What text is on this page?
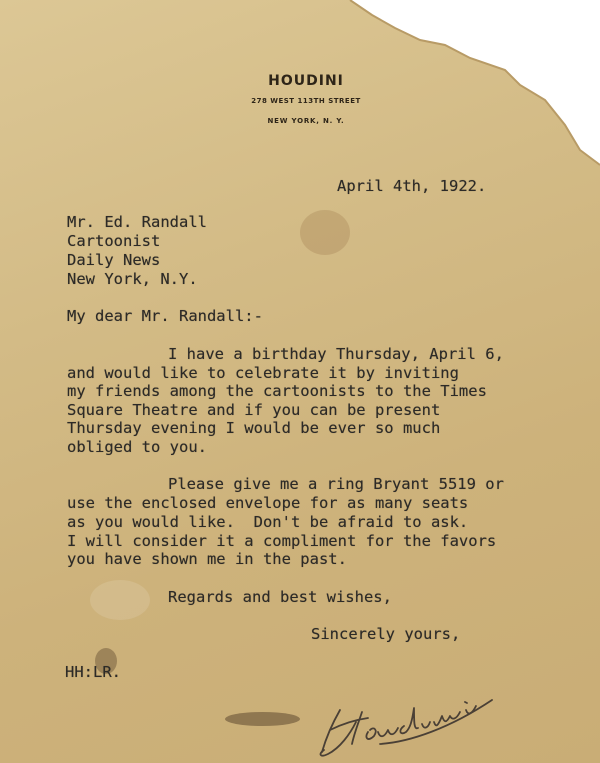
HOUDINI
278 WEST 113TH STREET
NEW YORK, N. Y.
April 4th, 1922.
Mr. Ed. Randall
Cartoonist
Daily News
New York, N.Y.
My dear Mr. Randall:-
I have a birthday Thursday, April 6,
and would like to celebrate it by inviting
my friends among the cartoonists to the Times
Square Theatre and if you can be present
Thursday evening I would be ever so much
obliged to you.
Please give me a ring Bryant 5519 or
use the enclosed envelope for as many seats
as you would like.  Don't be afraid to ask.
I will consider it a compliment for the favors
you have shown me in the past.
Regards and best wishes,
Sincerely yours,
HH:LR.
